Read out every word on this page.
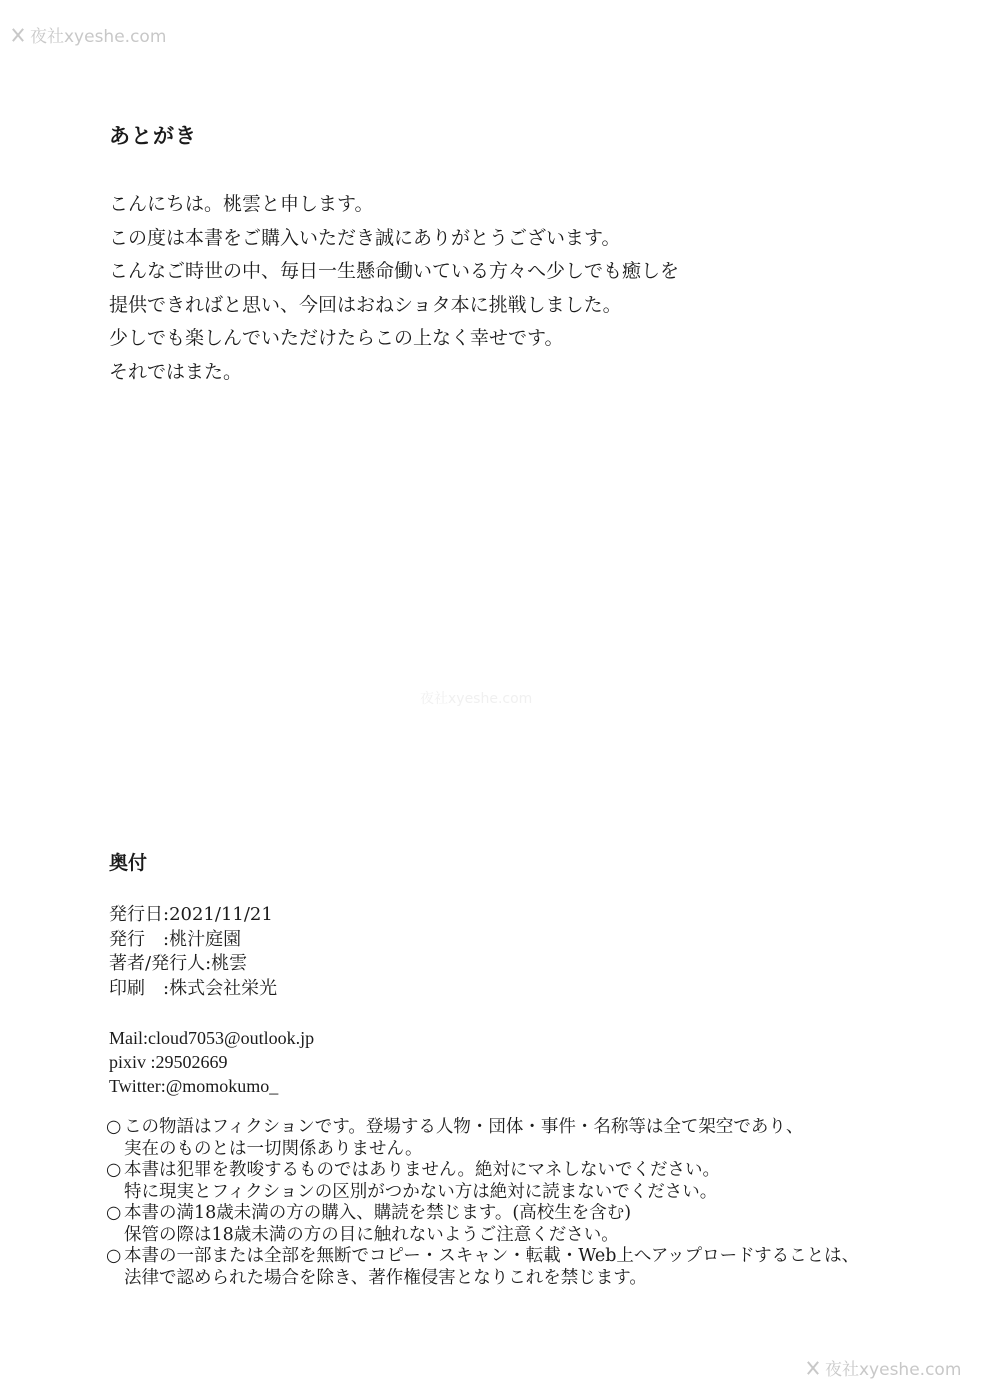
夜社xyeshe.com
夜社xyeshe.com
あとがき

こんにちは。桃雲と申します。

この度は本書をご購入いただき誠にありがとうございます。

こんなご時世の中、毎日一生懸命働いている方々へ少しでも癒しを

提供できればと思い、今回はおねショタ本に挑戦しました。

少しでも楽しんでいただけたらこの上なく幸せです。

それではまた。

奥付
発行日:2021/11/21
発行　:桃汁庭園
著者/発行人:桃雲
印刷　:株式会社栄光
Mail:cloud7053@outlook.jp
pixiv :29502669
Twitter:@momokumo_
○ この物語はフィクションです。登場する人物・団体・事件・名称等は全て架空であり、
実在のものとは一切関係ありません。
○ 本書は犯罪を教唆するものではありません。絶対にマネしないでください。
特に現実とフィクションの区別がつかない方は絶対に読まないでください。
○ 本書の満18歳未満の方の購入、購読を禁じます。(高校生を含む)
保管の際は18歳未満の方の目に触れないようご注意ください。
○ 本書の一部または全部を無断でコピー・スキャン・転載・Web上へアップロードすることは、
法律で認められた場合を除き、著作権侵害となりこれを禁じます。
夜社xyeshe.com
